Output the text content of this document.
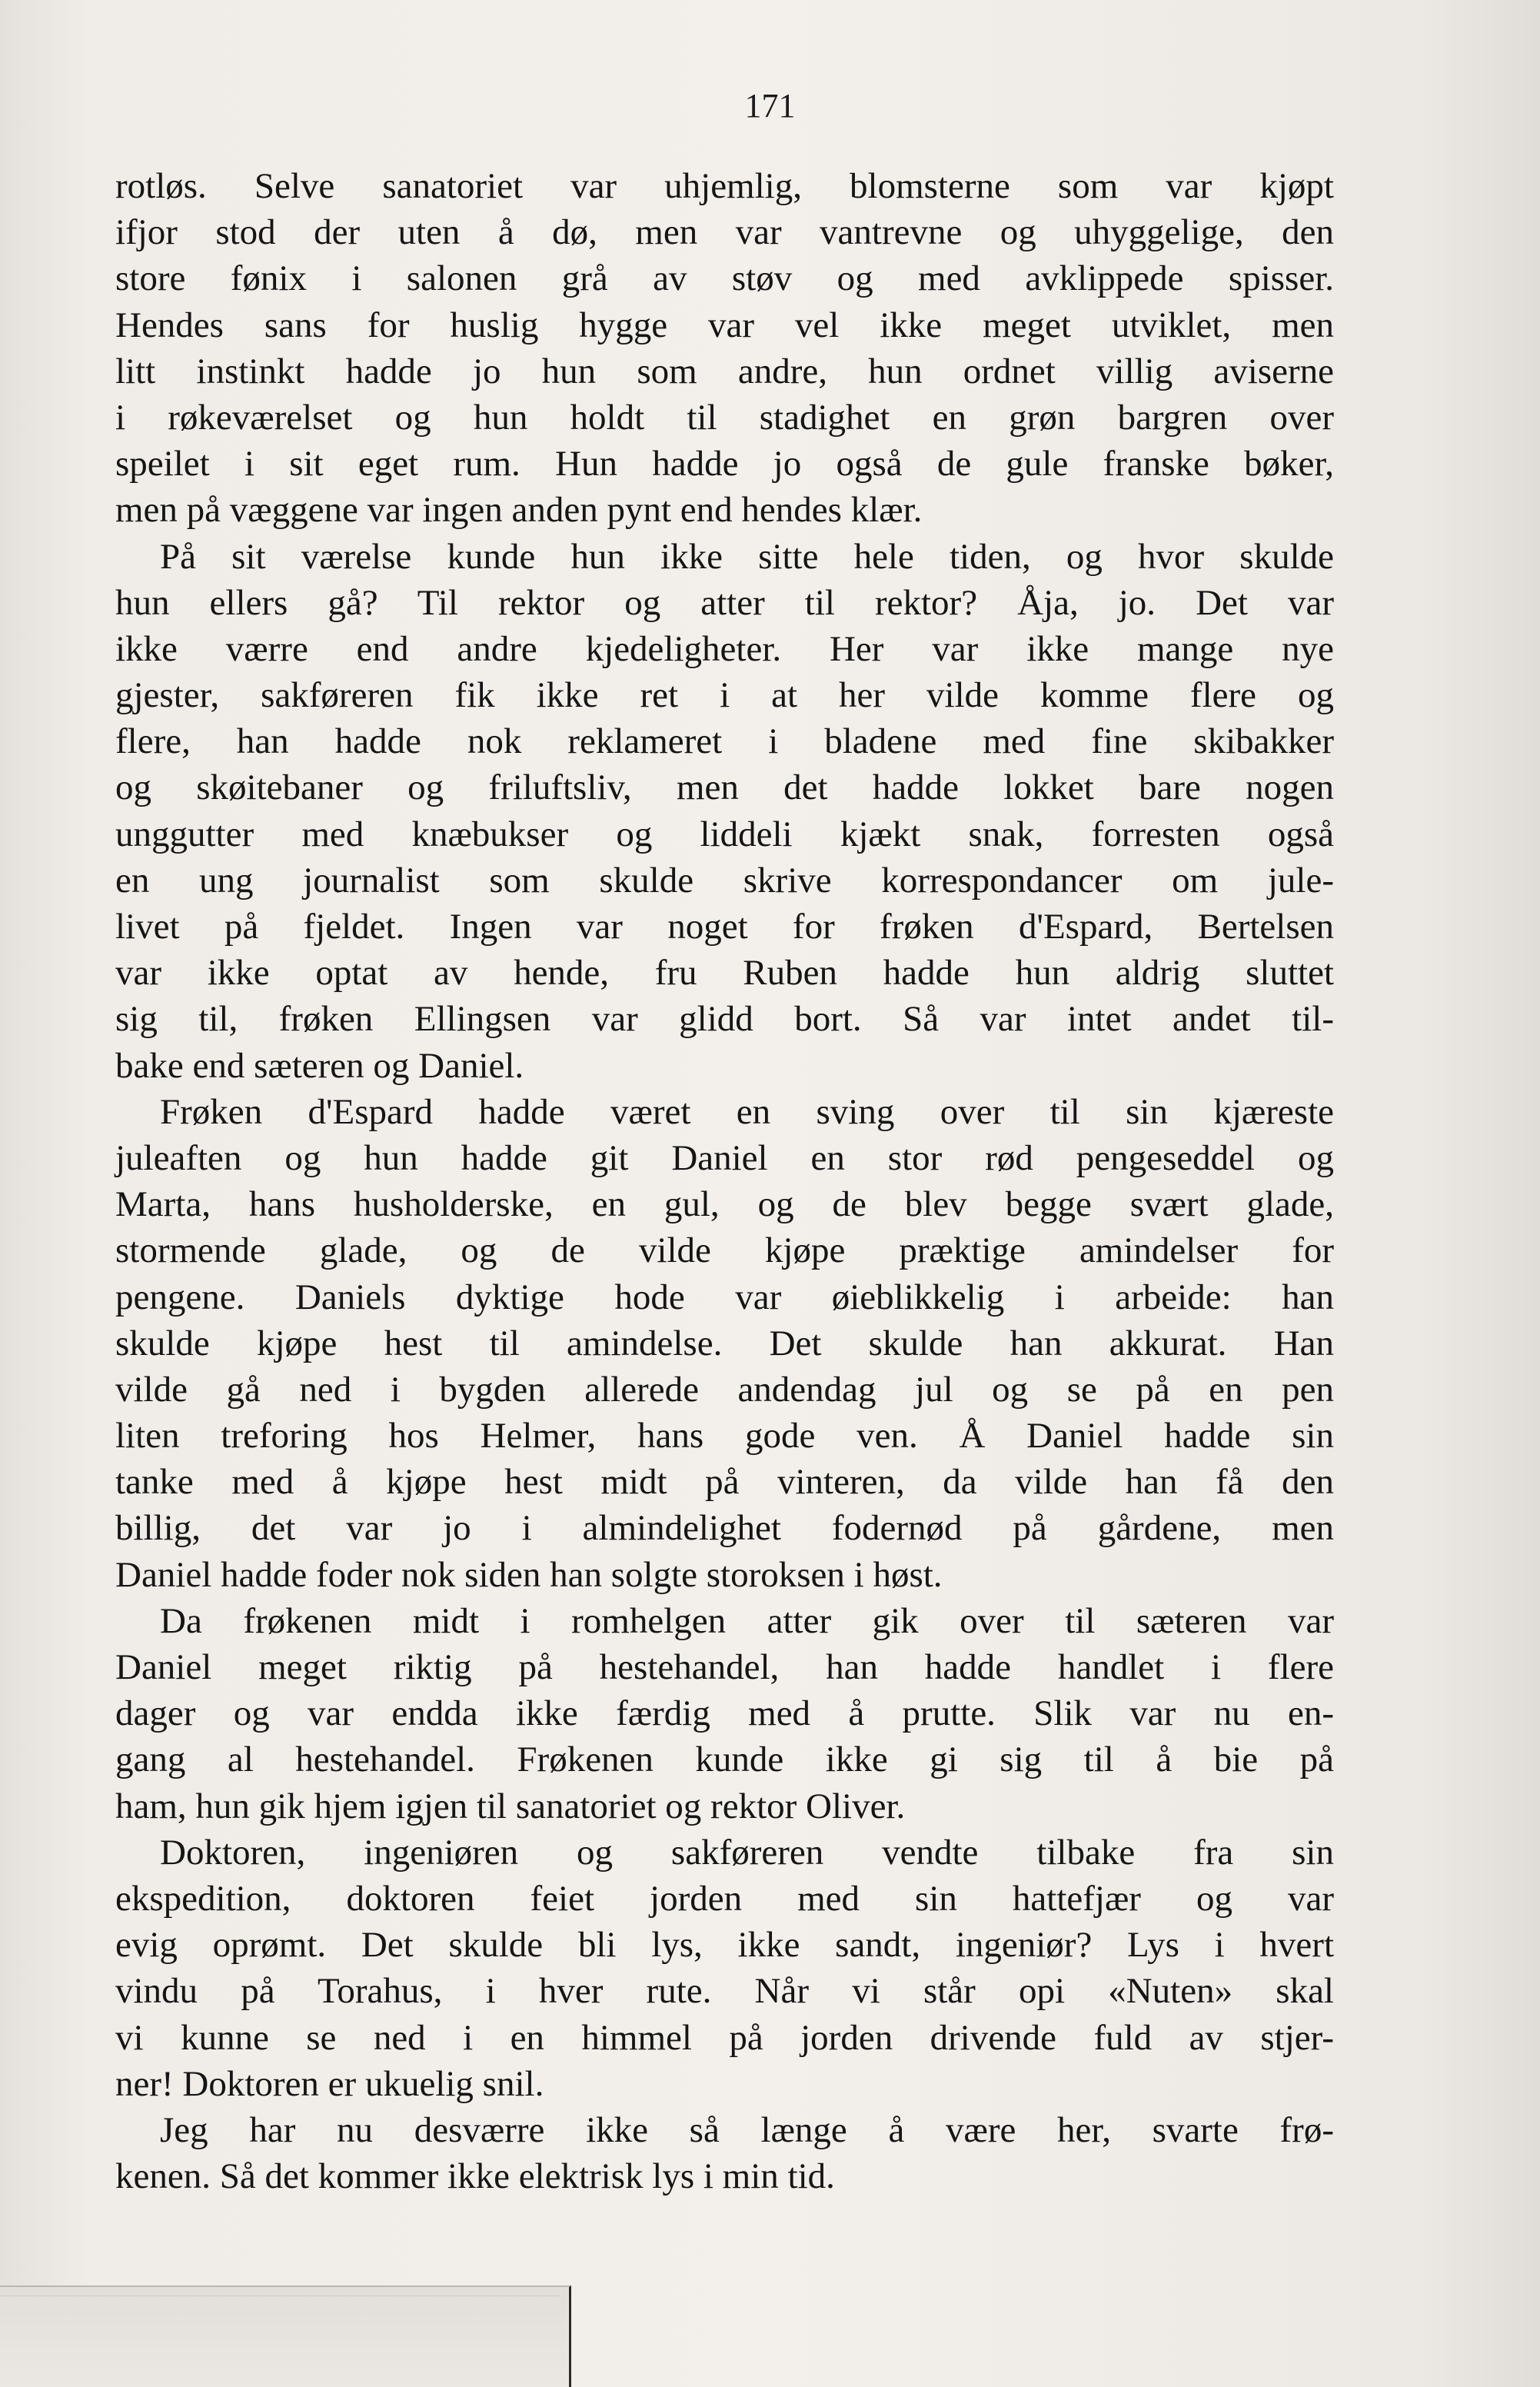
171
rotløs. Selve sanatoriet var uhjemlig, blomsterne som var kjøpt
ifjor stod der uten å dø, men var vantrevne og uhyggelige, den
store fønix i salonen grå av støv og med avklippede spisser.
Hendes sans for huslig hygge var vel ikke meget utviklet, men
litt instinkt hadde jo hun som andre, hun ordnet villig aviserne
i røkeværelset og hun holdt til stadighet en grøn bargren over
speilet i sit eget rum. Hun hadde jo også de gule franske bøker,
men på væggene var ingen anden pynt end hendes klær.
På sit værelse kunde hun ikke sitte hele tiden, og hvor skulde
hun ellers gå? Til rektor og atter til rektor? Åja, jo. Det var
ikke værre end andre kjedeligheter. Her var ikke mange nye
gjester, sakføreren fik ikke ret i at her vilde komme flere og
flere, han hadde nok reklameret i bladene med fine skibakker
og skøitebaner og friluftsliv, men det hadde lokket bare nogen
unggutter med knæbukser og liddeli kjækt snak, forresten også
en ung journalist som skulde skrive korrespondancer om jule-
livet på fjeldet. Ingen var noget for frøken d'Espard, Bertelsen
var ikke optat av hende, fru Ruben hadde hun aldrig sluttet
sig til, frøken Ellingsen var glidd bort. Så var intet andet til-
bake end sæteren og Daniel.
Frøken d'Espard hadde været en sving over til sin kjæreste
juleaften og hun hadde git Daniel en stor rød pengeseddel og
Marta, hans husholderske, en gul, og de blev begge svært glade,
stormende glade, og de vilde kjøpe præktige amindelser for
pengene. Daniels dyktige hode var øieblikkelig i arbeide: han
skulde kjøpe hest til amindelse. Det skulde han akkurat. Han
vilde gå ned i bygden allerede andendag jul og se på en pen
liten treforing hos Helmer, hans gode ven. Å Daniel hadde sin
tanke med å kjøpe hest midt på vinteren, da vilde han få den
billig, det var jo i almindelighet fodernød på gårdene, men
Daniel hadde foder nok siden han solgte storoksen i høst.
Da frøkenen midt i romhelgen atter gik over til sæteren var
Daniel meget riktig på hestehandel, han hadde handlet i flere
dager og var endda ikke færdig med å prutte. Slik var nu en-
gang al hestehandel. Frøkenen kunde ikke gi sig til å bie på
ham, hun gik hjem igjen til sanatoriet og rektor Oliver.
Doktoren, ingeniøren og sakføreren vendte tilbake fra sin
ekspedition, doktoren feiet jorden med sin hattefjær og var
evig oprømt. Det skulde bli lys, ikke sandt, ingeniør? Lys i hvert
vindu på Torahus, i hver rute. Når vi står opi «Nuten» skal
vi kunne se ned i en himmel på jorden drivende fuld av stjer-
ner! Doktoren er ukuelig snil.
Jeg har nu desværre ikke så længe å være her, svarte frø-
kenen. Så det kommer ikke elektrisk lys i min tid.
